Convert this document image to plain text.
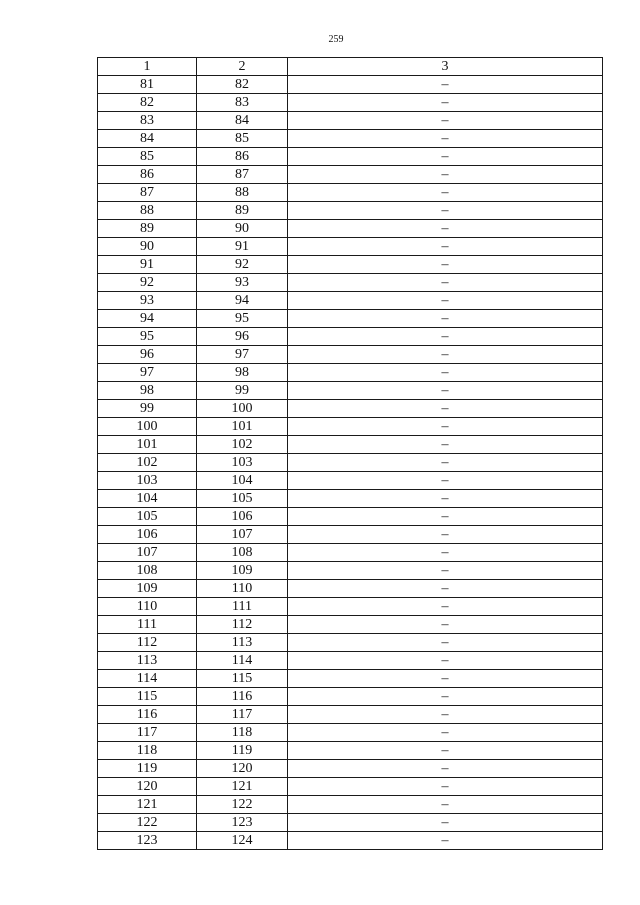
259
1	2	3
81	82	–
82	83	–
83	84	–
84	85	–
85	86	–
86	87	–
87	88	–
88	89	–
89	90	–
90	91	–
91	92	–
92	93	–
93	94	–
94	95	–
95	96	–
96	97	–
97	98	–
98	99	–
99	100	–
100	101	–
101	102	–
102	103	–
103	104	–
104	105	–
105	106	–
106	107	–
107	108	–
108	109	–
109	110	–
110	111	–
111	112	–
112	113	–
113	114	–
114	115	–
115	116	–
116	117	–
117	118	–
118	119	–
119	120	–
120	121	–
121	122	–
122	123	–
123	124	–
